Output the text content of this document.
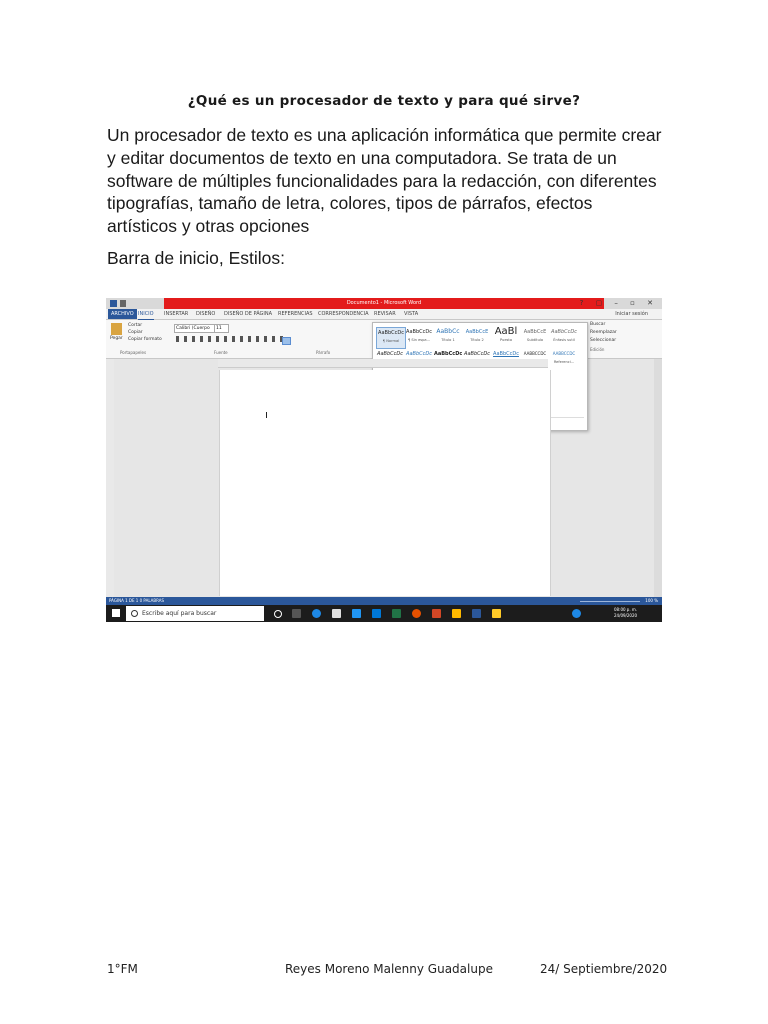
¿Qué es un procesador de texto y para qué sirve?

Un procesador de texto es una aplicación informática que permite crear y editar documentos de texto en una computadora. Se trata de un software de múltiples funcionalidades para la redacción, con diferentes tipografías, tamaño de letra, colores, tipos de párrafos, efectos artísticos y otras opciones

Barra de inicio, Estilos:

Documento1 - Microsoft Word	? ▢ – ▫ ✕
ARCHIVO INICIO INSERTAR DISEÑO DISEÑO DE PÁGINA REFERENCIAS CORRESPONDENCIA REVISAR VISTA	Iniciar sesión
Pegar
Cortar
Copiar
Copiar formato
Portapapeles
Calibri (Cuerpo	11
Fuente	Párrafo
AaBbCcDc
¶ Normal
AaBbCcDc
¶ Sin espa...
AaBbCc
Título 1
AaBbCcE
Título 2
AaBl
Puesto
AaBbCcE
Subtítulo
AaBbCcDc
Énfasis sutil
AaBbCcDc AaBbCcDc AaBbCcDc AaBbCcDc AaBbCcDc	AABBCCDC	AABBCCDC
Referenci...
Buscar
Reemplazar
Seleccionar
Edición
PÁGINA 1 DE 1 0 PALABRAS	100 %
Escribe aquí para buscar
08:00 p. m.
24/09/2020
1°FM	Reyes Moreno Malenny Guadalupe	24/ Septiembre/2020
